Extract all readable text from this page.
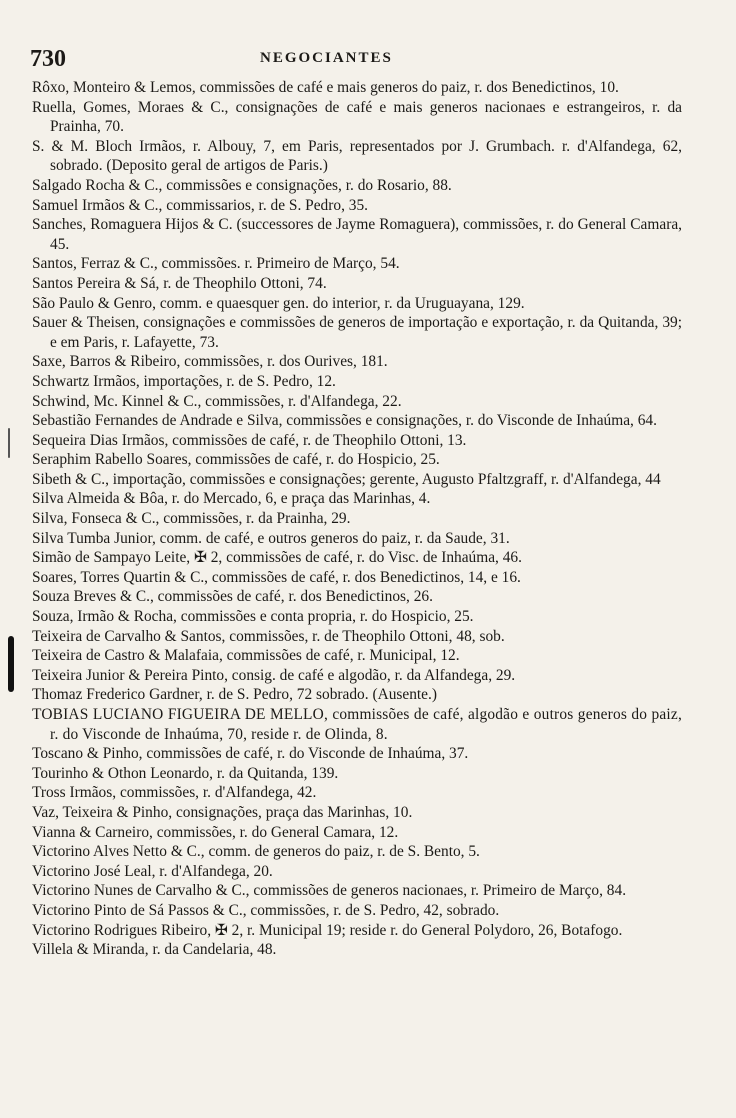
730	NEGOCIANTES

Rôxo, Monteiro & Lemos, commissões de café e mais generos do paiz, r. dos Benedictinos, 10.

Ruella, Gomes, Moraes & C., consignações de café e mais generos nacionaes e estrangeiros, r. da Prainha, 70.

S. & M. Bloch Irmãos, r. Albouy, 7, em Paris, representados por J. Grumbach. r. d'Alfandega, 62, sobrado. (Deposito geral de artigos de Paris.)

Salgado Rocha & C., commissões e consignações, r. do Rosario, 88.

Samuel Irmãos & C., commissarios, r. de S. Pedro, 35.

Sanches, Romaguera Hijos & C. (successores de Jayme Romaguera), commissões, r. do General Camara, 45.

Santos, Ferraz & C., commissões. r. Primeiro de Março, 54.

Santos Pereira & Sá, r. de Theophilo Ottoni, 74.

São Paulo & Genro, comm. e quaesquer gen. do interior, r. da Uruguayana, 129.

Sauer & Theisen, consignações e commissões de generos de importação e exportação, r. da Quitanda, 39; e em Paris, r. Lafayette, 73.

Saxe, Barros & Ribeiro, commissões, r. dos Ourives, 181.

Schwartz Irmãos, importações, r. de S. Pedro, 12.

Schwind, Mc. Kinnel & C., commissões, r. d'Alfandega, 22.

Sebastião Fernandes de Andrade e Silva, commissões e consignações, r. do Visconde de Inhaúma, 64.

Sequeira Dias Irmãos, commissões de café, r. de Theophilo Ottoni, 13.

Seraphim Rabello Soares, commissões de café, r. do Hospicio, 25.

Sibeth & C., importação, commissões e consignações; gerente, Augusto Pfaltzgraff, r. d'Alfandega, 44

Silva Almeida & Bôa, r. do Mercado, 6, e praça das Marinhas, 4.

Silva, Fonseca & C., commissões, r. da Prainha, 29.

Silva Tumba Junior, comm. de café, e outros generos do paiz, r. da Saude, 31.

Simão de Sampayo Leite, ✠ 2, commissões de café, r. do Visc. de Inhaúma, 46.

Soares, Torres Quartin & C., commissões de café, r. dos Benedictinos, 14, e 16.

Souza Breves & C., commissões de café, r. dos Benedictinos, 26.

Souza, Irmão & Rocha, commissões e conta propria, r. do Hospicio, 25.

Teixeira de Carvalho & Santos, commissões, r. de Theophilo Ottoni, 48, sob.

Teixeira de Castro & Malafaia, commissões de café, r. Municipal, 12.

Teixeira Junior & Pereira Pinto, consig. de café e algodão, r. da Alfandega, 29.

Thomaz Frederico Gardner, r. de S. Pedro, 72 sobrado. (Ausente.)

TOBIAS LUCIANO FIGUEIRA DE MELLO, commissões de café, algodão e outros generos do paiz, r. do Visconde de Inhaúma, 70, reside r. de Olinda, 8.

Toscano & Pinho, commissões de café, r. do Visconde de Inhaúma, 37.

Tourinho & Othon Leonardo, r. da Quitanda, 139.

Tross Irmãos, commissões, r. d'Alfandega, 42.

Vaz, Teixeira & Pinho, consignações, praça das Marinhas, 10.

Vianna & Carneiro, commissões, r. do General Camara, 12.

Victorino Alves Netto & C., comm. de generos do paiz, r. de S. Bento, 5.

Victorino José Leal, r. d'Alfandega, 20.

Victorino Nunes de Carvalho & C., commissões de generos nacionaes, r. Primeiro de Março, 84.

Victorino Pinto de Sá Passos & C., commissões, r. de S. Pedro, 42, sobrado.

Victorino Rodrigues Ribeiro, ✠ 2, r. Municipal 19; reside r. do General Polydoro, 26, Botafogo.

Villela & Miranda, r. da Candelaria, 48.
